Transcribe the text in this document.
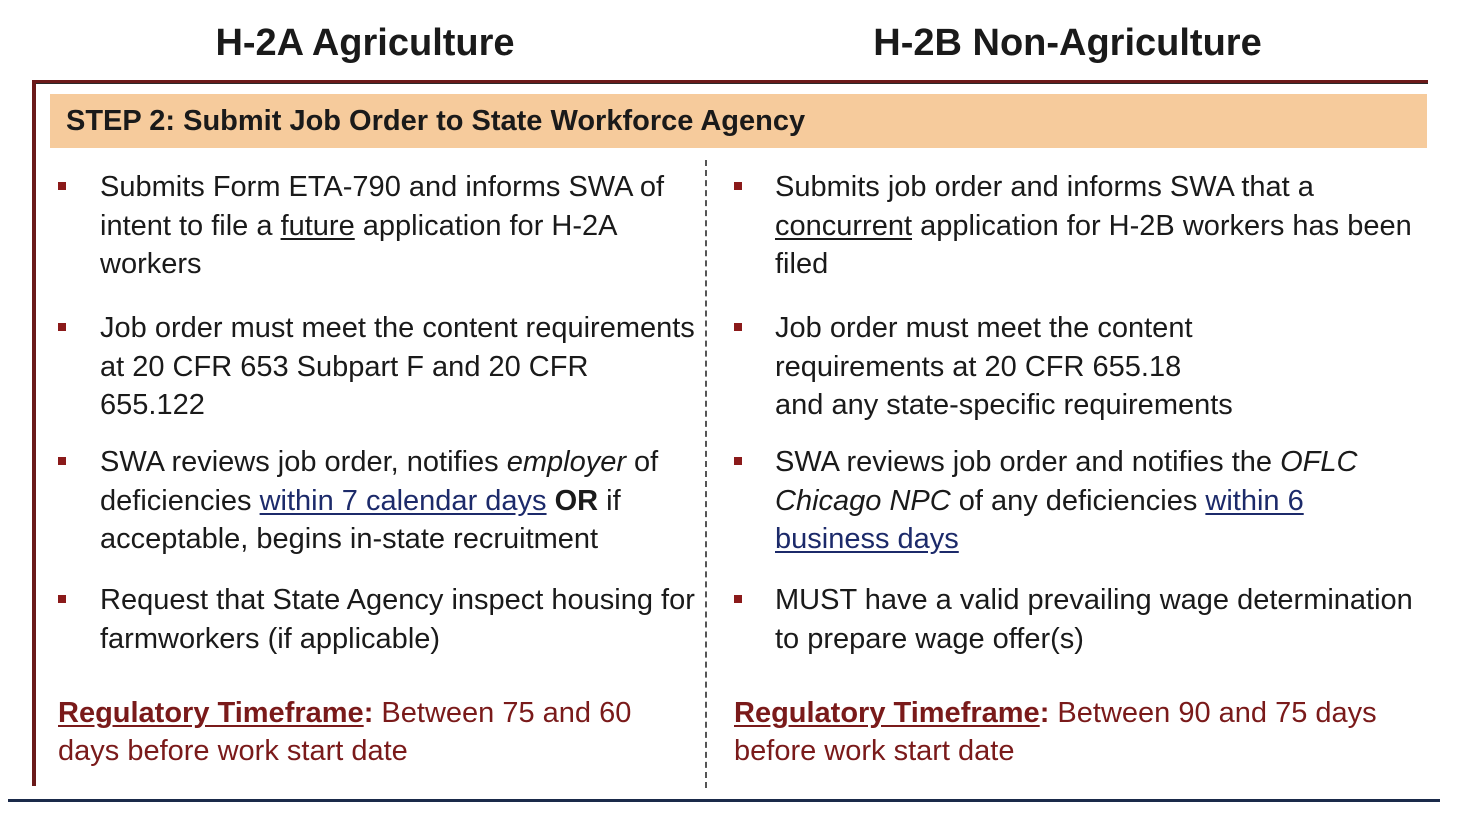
H-2A Agriculture	H-2B Non-Agriculture
STEP 2: Submit Job Order to State Workforce Agency
Submits Form ETA-790 and informs SWA of intent to file a future application for H-2A workers
Job order must meet the content requirements at 20 CFR 653 Subpart F and 20 CFR 655.122
SWA reviews job order, notifies employer of deficiencies within 7 calendar days OR if acceptable, begins in-state recruitment
Request that State Agency inspect housing for farmworkers (if applicable)
Regulatory Timeframe: Between 75 and 60 days before work start date
Submits job order and informs SWA that a concurrent application for H-2B workers has been filed
Job order must meet the content
requirements at 20 CFR 655.18
and any state-specific requirements
SWA reviews job order and notifies the OFLC Chicago NPC of any deficiencies within 6 business days
MUST have a valid prevailing wage determination to prepare wage offer(s)
Regulatory Timeframe: Between 90 and 75 days before work start date
